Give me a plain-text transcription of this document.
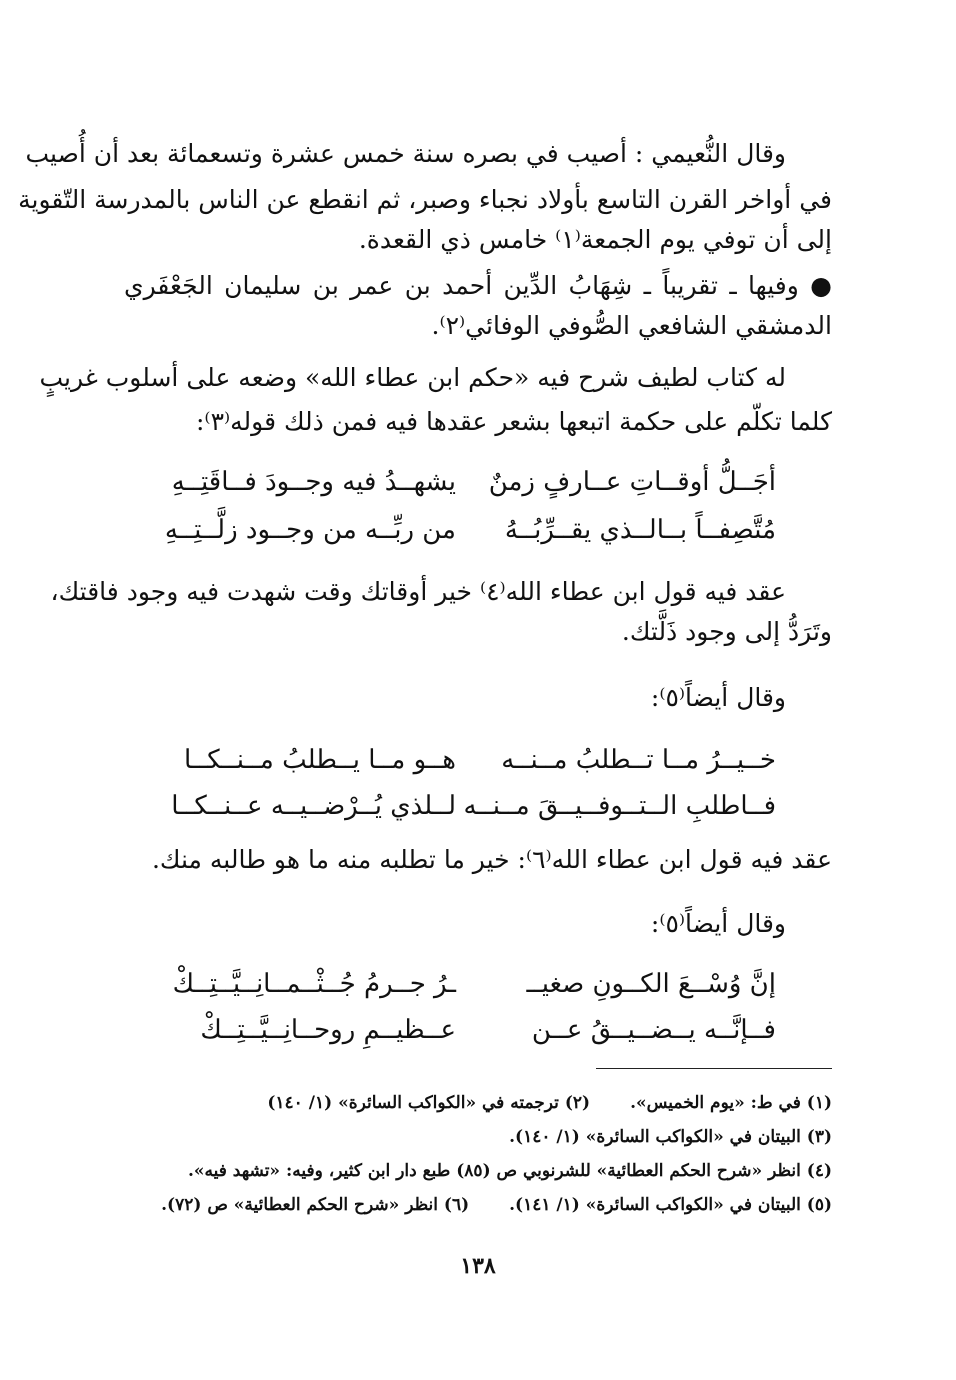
وقال النُّعيمي : أصيب في بصره سنة خمس عشرة وتسعمائة بعد أن أُصيب
في أواخر القرن التاسع بأولاد نجباء وصبر، ثم انقطع عن الناس بالمدرسة التّقوية
إلى أن توفي يوم الجمعة⁽١⁾ خامس ذي القعدة.
● وفيها ـ تقريباً ـ شِهَابُ الدِّين أحمد بن عمر بن سليمان الجَعْفَري
الدمشقي الشافعي الصُّوفي الوفائي⁽٢⁾.
له كتاب لطيف شرح فيه «حكم ابن عطاء الله» وضعه على أسلوب غريبٍ
كلما تكلّم على حكمة اتبعها بشعر عقدها فيه فمن ذلك قوله⁽٣⁾:
أجَــلُّ أوقــاتِ عــارفٍ زمنٌ
يشهــدُ فيه وجــودَ فــاقَتِــهِ
مُتَّصِفــاً بــالــذي يقــرِّبُــهُ
من ربِّــه من وجــود زلَّــتِــهِ
عقد فيه قول ابن عطاء الله⁽٤⁾ خير أوقاتك وقت شهدت فيه وجود فاقتك،
وتَرَدُّ إلى وجود ذَلَّتك.
وقال أيضاً⁽٥⁾:
خــيــرُ مــا تــطلبُ مــنــه
هــو مــا يــطلبُ مــنــكــا
فــاطلبِ الــتــوفــيــقَ مــنــه
لــلذي يُــرْضــيــه عــنــكــا
عقد فيه قول ابن عطاء الله⁽٦⁾: خير ما تطلبه منه ما هو طالبه منك.
وقال أيضاً⁽٥⁾:
إنَّ وُسْــعَ الكــونِ صغيــ
ـرُ جــرمُ جُــثْــمــانِــيَّــتِــكْ
فــإنَّــه يــضــيــقُ عــن
عــظيــمِ روحــانِــيَّــتِــكْ
(١) في ط: «يوم الخميس».(٢) ترجمته في «الكواكب السائرة» (١/ ١٤٠)
(٣) البيتان في «الكواكب السائرة» (١/ ١٤٠).
(٤) انظر «شرح الحكم العطائية» للشرنوبي ص (٨٥) طبع دار ابن كثير، وفيه: «تشهد فيه».
(٥) البيتان في «الكواكب السائرة» (١/ ١٤١).(٦) انظر «شرح الحكم العطائية» ص (٧٢).
١٣٨
